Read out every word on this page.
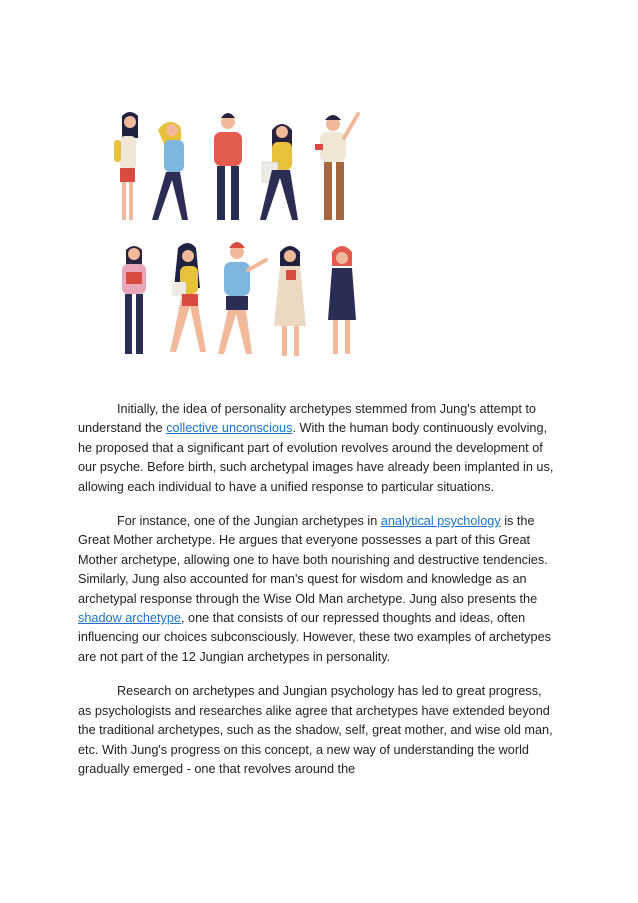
Initially, the idea of personality archetypes stemmed from Jung's attempt to understand the collective unconscious. With the human body continuously evolving, he proposed that a significant part of evolution revolves around the development of our psyche. Before birth, such archetypal images have already been implanted in us, allowing each individual to have a unified response to particular situations.

For instance, one of the Jungian archetypes in analytical psychology is the Great Mother archetype. He argues that everyone possesses a part of this Great Mother archetype, allowing one to have both nourishing and destructive tendencies. Similarly, Jung also accounted for man's quest for wisdom and knowledge as an archetypal response through the Wise Old Man archetype. Jung also presents the shadow archetype, one that consists of our repressed thoughts and ideas, often influencing our choices subconsciously. However, these two examples of archetypes are not part of the 12 Jungian archetypes in personality.

Research on archetypes and Jungian psychology has led to great progress, as psychologists and researches alike agree that archetypes have extended beyond the traditional archetypes, such as the shadow, self, great mother, and wise old man, etc. With Jung's progress on this concept, a new way of understanding the world gradually emerged - one that revolves around the
